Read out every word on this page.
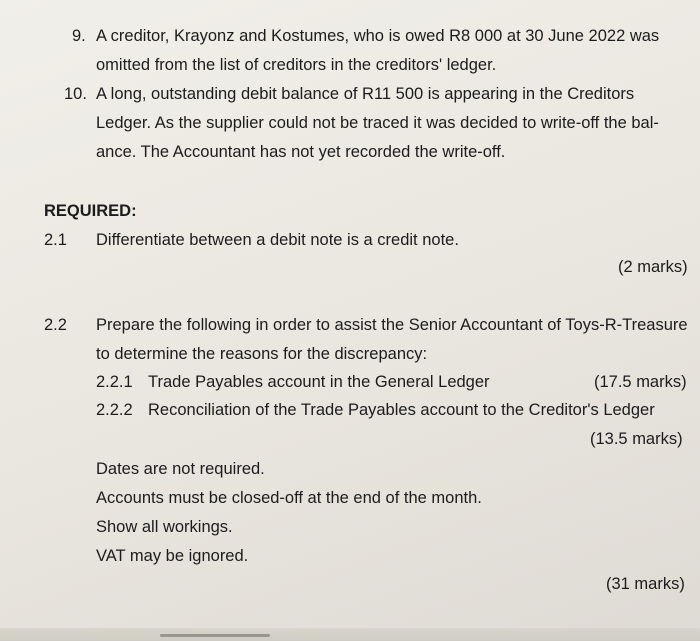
9. A creditor, Krayonz and Kostumes, who is owed R8 000 at 30 June 2022 was
omitted from the list of creditors in the creditors' ledger.
10. A long, outstanding debit balance of R11 500 is appearing in the Creditors
Ledger. As the supplier could not be traced it was decided to write-off the bal-
ance. The Accountant has not yet recorded the write-off.
REQUIRED:
2.1 Differentiate between a debit note is a credit note.
(2 marks)
2.2 Prepare the following in order to assist the Senior Accountant of Toys-R-Treasure
to determine the reasons for the discrepancy:
2.2.1 Trade Payables account in the General Ledger	(17.5 marks)
2.2.2 Reconciliation of the Trade Payables account to the Creditor's Ledger
(13.5 marks)
Dates are not required.
Accounts must be closed-off at the end of the month.
Show all workings.
VAT may be ignored.
(31 marks)
